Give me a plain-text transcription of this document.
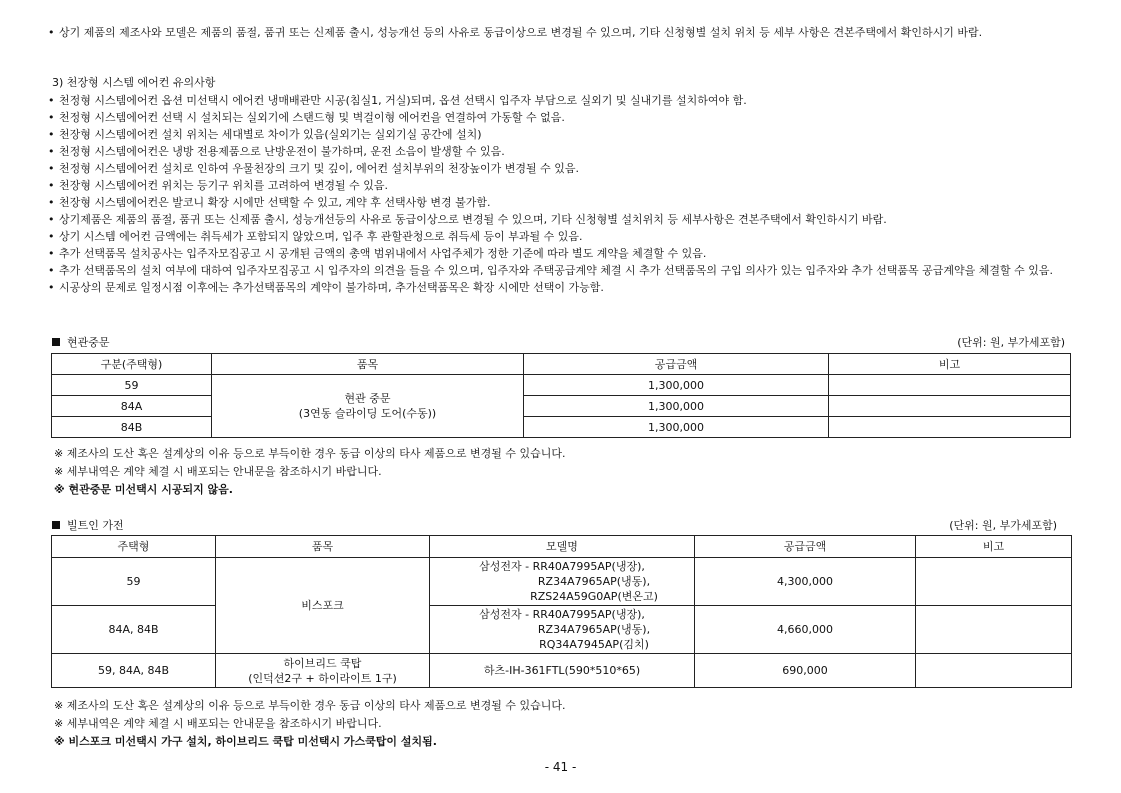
• 상기 제품의 제조사와 모델은 제품의 품절, 품귀 또는 신제품 출시, 성능개선 등의 사유로 동급이상으로 변경될 수 있으며, 기타 신청형별 설치 위치 등 세부 사항은 견본주택에서 확인하시기 바람.
3) 천장형 시스템 에어컨 유의사항
• 천정형 시스템에어컨 옵션 미선택시 에어컨 냉매배관만 시공(침실1, 거실)되며, 옵션 선택시 입주자 부담으로 실외기 및 실내기를 설치하여야 함.
• 천정형 시스템에어컨 선택 시 설치되는 실외기에 스탠드형 및 벽걸이형 에어컨을 연결하여 가동할 수 없음.
• 천장형 시스템에어컨 설치 위치는 세대별로 차이가 있음(실외기는 실외기실 공간에 설치)
• 천정형 시스템에어컨은 냉방 전용제품으로 난방운전이 불가하며, 운전 소음이 발생할 수 있음.
• 천정형 시스템에어컨 설치로 인하여 우물천장의 크기 및 깊이, 에어컨 설치부위의 천장높이가 변경될 수 있음.
• 천장형 시스템에어컨 위치는 등기구 위치를 고려하여 변경될 수 있음.
• 천장형 시스템에어컨은 발코니 확장 시에만 선택할 수 있고, 계약 후 선택사항 변경 불가함.
• 상기제품은 제품의 품절, 품귀 또는 신제품 출시, 성능개선등의 사유로 동급이상으로 변경될 수 있으며, 기타 신청형별 설치위치 등 세부사항은 견본주택에서 확인하시기 바람.
• 상기 시스템 에어컨 금액에는 취득세가 포함되지 않았으며, 입주 후 관할관청으로 취득세 등이 부과될 수 있음.
• 추가 선택품목 설치공사는 입주자모집공고 시 공개된 금액의 총액 범위내에서 사업주체가 정한 기준에 따라 별도 계약을 체결할 수 있음.
• 추가 선택품목의 설치 여부에 대하여 입주자모집공고 시 입주자의 의견을 들을 수 있으며, 입주자와 주택공급계약 체결 시 추가 선택품목의 구입 의사가 있는 입주자와 추가 선택품목 공급계약을 체결할 수 있음.
• 시공상의 문제로 일정시점 이후에는 추가선택품목의 계약이 불가하며, 추가선택품목은 확장 시에만 선택이 가능함.
현관중문	(단위: 원, 부가세포함)
구분(주택형)	품목	공급금액	비고
59	현관 중문
(3연동 슬라이딩 도어(수동))	1,300,000	
84A		1,300,000	
84B		1,300,000	
※ 제조사의 도산 혹은 설계상의 이유 등으로 부득이한 경우 동급 이상의 타사 제품으로 변경될 수 있습니다.
※ 세부내역은 계약 체결 시 배포되는 안내문을 참조하시기 바랍니다.
※ 현관중문 미선택시 시공되지 않음.
빌트인 가전	(단위: 원, 부가세포함)
주택형	품목	모델명	공급금액	비고
59	비스포크	삼성전자 - RR40A7995AP(냉장),
RZ34A7965AP(냉동),
RZS24A59G0AP(변온고)	4,300,000	
84A, 84B		삼성전자 - RR40A7995AP(냉장),
RZ34A7965AP(냉동),
RQ34A7945AP(김치)	4,660,000	
59, 84A, 84B	하이브리드 쿡탑
(인덕션2구 + 하이라이트 1구)	하츠-IH-361FTL(590*510*65)	690,000	
※ 제조사의 도산 혹은 설계상의 이유 등으로 부득이한 경우 동급 이상의 타사 제품으로 변경될 수 있습니다.
※ 세부내역은 계약 체결 시 배포되는 안내문을 참조하시기 바랍니다.
※ 비스포크 미선택시 가구 설치, 하이브리드 쿡탑 미선택시 가스쿡탑이 설치됨.
- 41 -
